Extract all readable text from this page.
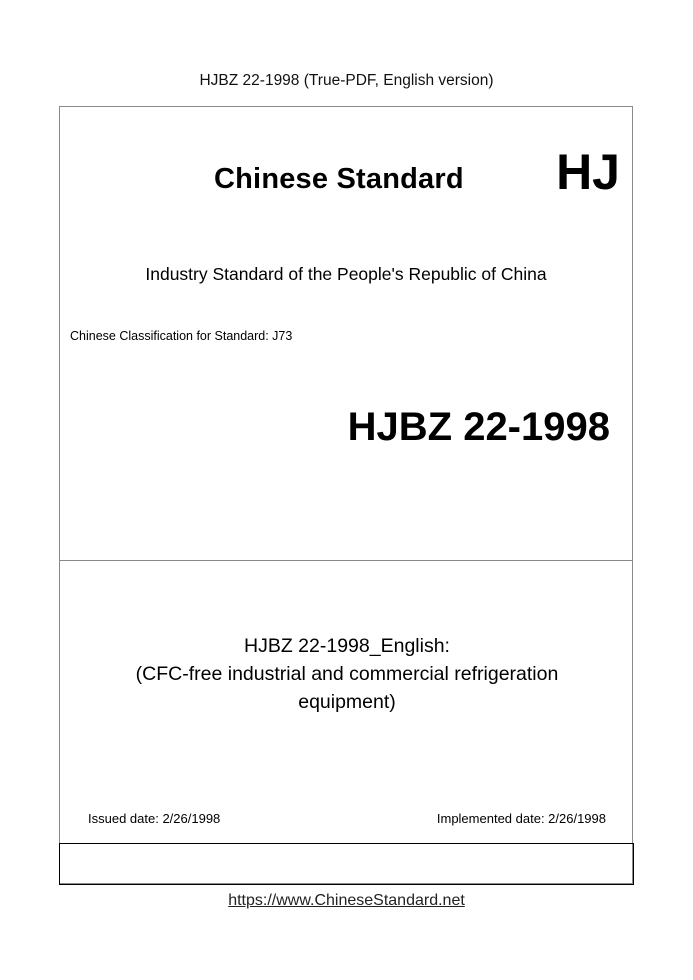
HJBZ 22-1998 (True-PDF, English version)
Chinese Standard HJ
Industry Standard of the People's Republic of China
Chinese Classification for Standard: J73
HJBZ 22-1998
HJBZ 22-1998_English:
(CFC-free industrial and commercial refrigeration
equipment)
Issued date: 2/26/1998	Implemented date: 2/26/1998
https://www.ChineseStandard.net
